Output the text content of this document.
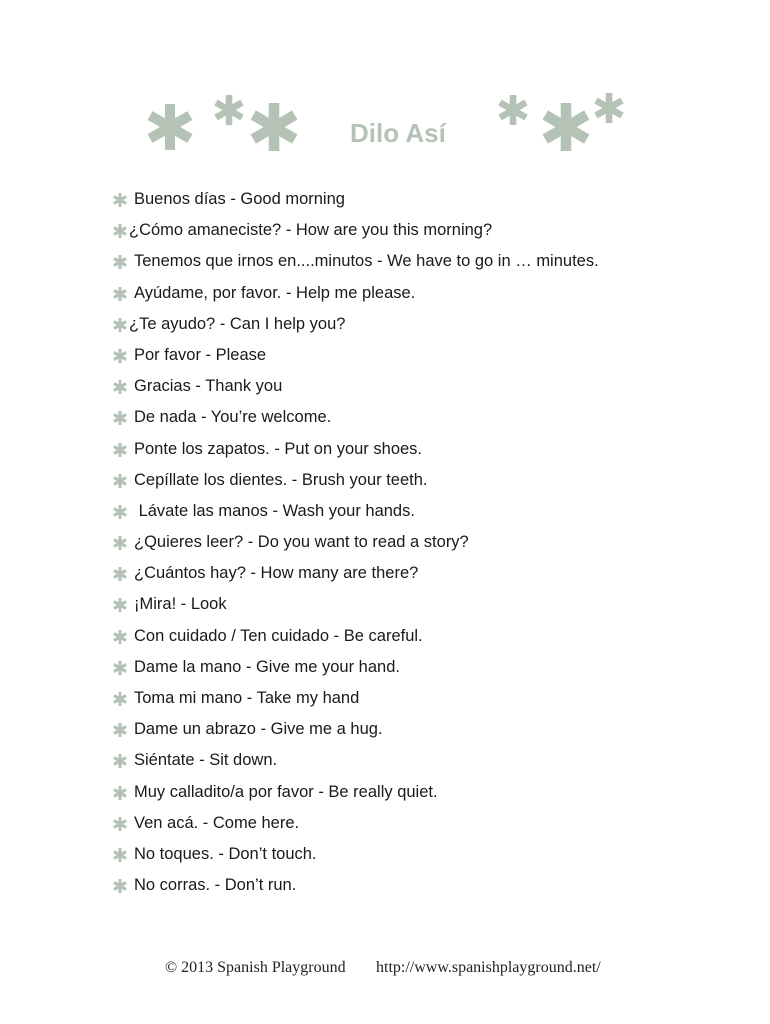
Dilo Así
Buenos días - Good morning
¿Cómo amaneciste? - How are you this morning?
Tenemos que irnos en....minutos - We have to go in … minutes.
Ayúdame, por favor. - Help me please.
¿Te ayudo? - Can I help you?
Por favor - Please
Gracias - Thank you
De nada - You’re welcome.
Ponte los zapatos. - Put on your shoes.
Cepíllate los dientes. - Brush your teeth.
Lávate las manos - Wash your hands.
¿Quieres leer? - Do you want to read a story?
¿Cuántos hay? - How many are there?
¡Mira! - Look
Con cuidado / Ten cuidado - Be careful.
Dame la mano - Give me your hand.
Toma mi mano - Take my hand
Dame un abrazo - Give me a hug.
Siéntate - Sit down.
Muy calladito/a por favor - Be really quiet.
Ven acá. - Come here.
No toques. - Don’t touch.
No corras. - Don’t run.
© 2013 Spanish Playground http://www.spanishplayground.net/
